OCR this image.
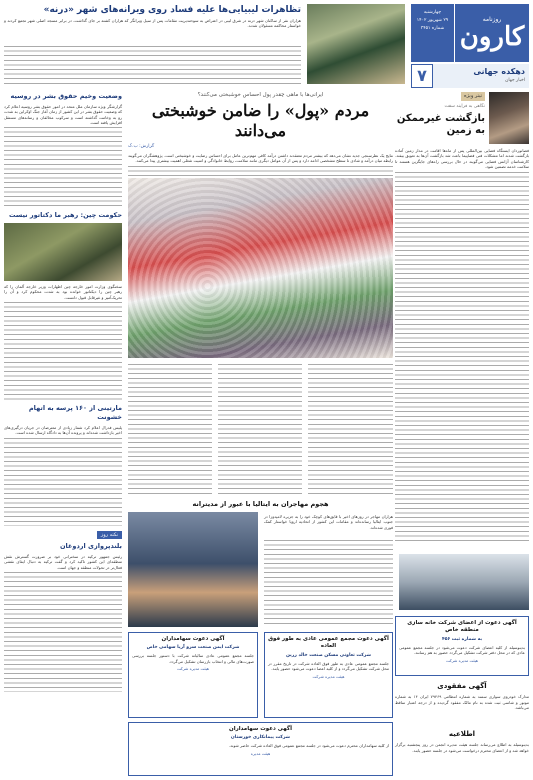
روزنامه
کارون
چهارشنبه
۲۹ شهریور ۱۴۰۲
شماره ۳۴۵۱
دهکده جهانی
اخبار جهان
۷
تظاهرات لیبیایی‌ها علیه فساد روی ویرانه‌های شهر «درنه»
هزاران نفر از ساکنان شهر درنه در شرق لیبی در اعتراض به سوءمدیریت مقامات پس از سیل ویرانگر که هزاران کشته بر جای گذاشت، در برابر مسجد اصلی شهر تجمع کردند و خواستار محاکمه مسئولان شدند.
وضعیت وخیم حقوق بشر در روسیه
گزارشگر ویژه سازمان ملل متحد در امور حقوق بشر روسیه اعلام کرد که وضعیت حقوق بشر در این کشور از زمان آغاز جنگ اوکراین به شدت رو به وخامت گذاشته است و سرکوب مخالفان و رسانه‌های مستقل افزایش یافته است.
حکومت چین: رهبر ما دکتاتور نیست
سخنگوی وزارت امور خارجه چین اظهارات وزیر خارجه آلمان را که رهبر چین را دیکتاتور خوانده بود به شدت محکوم کرد و آن را تحریک‌آمیز و غیرقابل قبول دانست.
مارتینی از ۱۶۰ پرسه به اتهام خشونت
پلیس فدرال اعلام کرد شمار زیادی از معترضان در جریان درگیری‌های اخیر بازداشت شده‌اند و پرونده آن‌ها به دادگاه ارسال شده است.
نکته روز
بلندپروازی اردوغان
رئیس جمهور ترکیه در سخنرانی خود بر ضرورت گسترش نقش منطقه‌ای این کشور تاکید کرد و گفت ترکیه به دنبال ایفای نقشی فعال‌تر در تحولات منطقه و جهان است.
ایرانی‌ها با ماهی چقدر پول احساس خوشبختی می‌کنند؟
مردم «پول» را ضامن خوشبختی می‌دانند
گزارش: ب.ک
نتایج یک نظرسنجی جدید نشان می‌دهد که بیشتر مردم معتقدند داشتن درآمد کافی مهم‌ترین عامل برای احساس رضایت و خوشبختی است. پژوهشگران می‌گویند رابطه میان درآمد و شادی تا سطح مشخصی ادامه دارد و پس از آن عوامل دیگری مانند سلامت، روابط خانوادگی و امنیت شغلی اهمیت بیشتری پیدا می‌کنند.
هجوم مهاجران به ایتالیا با عبور از مدیترانه
هزاران مهاجر در روزهای اخیر با قایق‌های کوچک خود را به جزیره لامپدوزا در جنوب ایتالیا رسانده‌اند و مقامات این کشور از اتحادیه اروپا خواستار کمک فوری شده‌اند.
تیتر ویژه
نگاهی به فرایند سفت
بازگشت غیرممکن به زمین
فضانوردان ایستگاه فضایی بین‌المللی پس از ماه‌ها اقامت در مدار زمین آماده بازگشت شدند اما مشکلات فنی فضاپیما باعث شد بازگشت آن‌ها به تعویق بیفتد. کارشناسان آژانس فضایی می‌گویند در حال بررسی راه‌های جایگزین هستند تا سلامت خدمه تضمین شود.
آگهی دعوت از اعضای شرکت خانه سازی منطقه خاص
به شماره ثبت ۴۵۶
بدینوسیله از کلیه اعضای شرکت دعوت می‌شود در جلسه مجمع عمومی عادی که در محل دفتر شرکت تشکیل می‌گردد حضور به هم رسانند.
هیئت مدیره شرکت
آگهی دعوت مجمع عمومی عادی به طور فوق العاده
شرکت تعاونی مسکن صنعت خالد زرین
جلسه مجمع عمومی عادی به طور فوق العاده شرکت در تاریخ مقرر در محل شرکت تشکیل می‌گردد و از کلیه اعضا دعوت می‌شود حضور یابند.
هیئت مدیره شرکت
آگهی دعوت سهامداران
شرکت ایمن صنعت سرو آریا سهامی خاص
جلسه مجمع عمومی عادی سالیانه شرکت با دستور جلسه بررسی صورت‌های مالی و انتخاب بازرسان تشکیل می‌گردد.
هیئت مدیره شرکت
آگهی دعوت سهامداران
شرکت پیمانکاری خوزستان
از کلیه سهامداران محترم دعوت می‌شود در جلسه مجمع عمومی فوق العاده شرکت حاضر شوند.
هیئت مدیره
آگهی مفقودی
مدارک خودروی سواری سمند به شماره انتظامی ۷۹۴۶۹ ایران ۱۴ به شماره موتور و شاسی ثبت شده به نام مالک مفقود گردیده و از درجه اعتبار ساقط می‌باشد.
اطلاعیه
بدینوسیله به اطلاع می‌رساند جلسه هیئت مدیره انجمن در روز پنجشنبه برگزار خواهد شد و از اعضای محترم درخواست می‌شود در جلسه حضور یابند.
